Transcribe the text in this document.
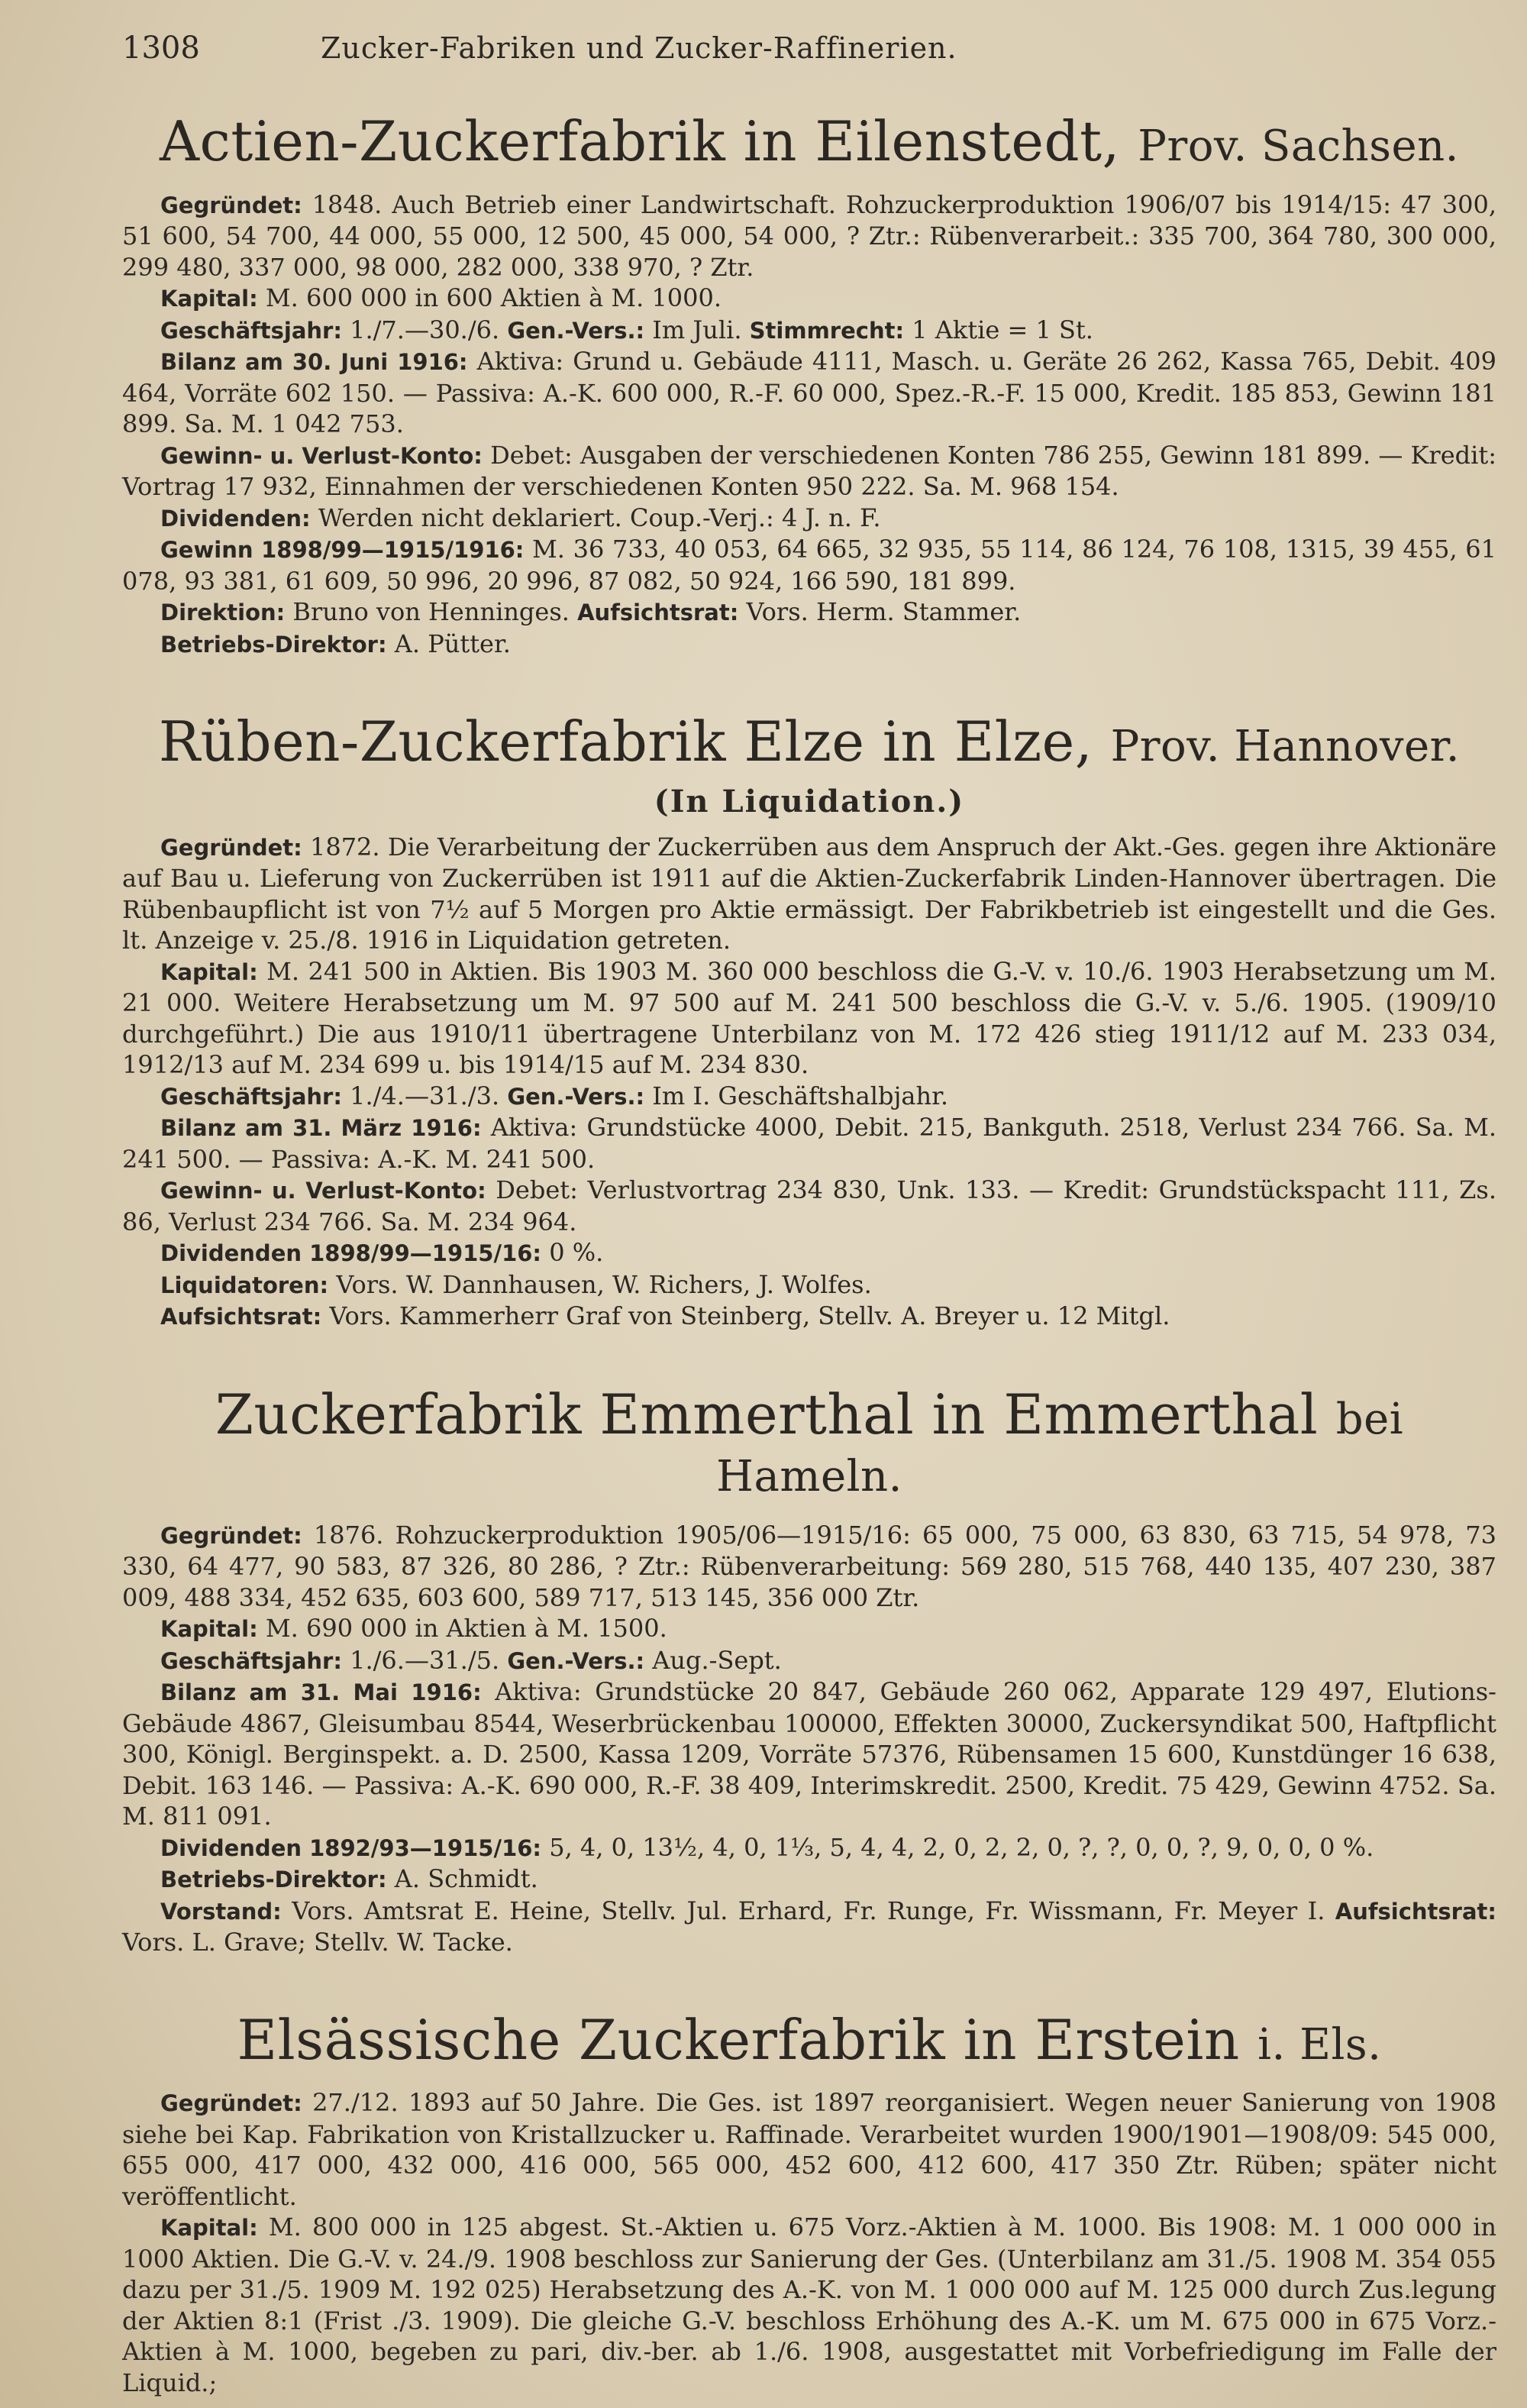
1308	Zucker-Fabriken und Zucker-Raffinerien.
Actien-Zuckerfabrik in Eilenstedt, Prov. Sachsen.

Gegründet: 1848. Auch Betrieb einer Landwirtschaft. Rohzuckerproduktion 1906/07 bis 1914/15: 47 300, 51 600, 54 700, 44 000, 55 000, 12 500, 45 000, 54 000, ? Ztr.: Rübenverarbeit.: 335 700, 364 780, 300 000, 299 480, 337 000, 98 000, 282 000, 338 970, ? Ztr.

Kapital: M. 600 000 in 600 Aktien à M. 1000.

Geschäftsjahr: 1./7.—30./6. Gen.-Vers.: Im Juli. Stimmrecht: 1 Aktie = 1 St.

Bilanz am 30. Juni 1916: Aktiva: Grund u. Gebäude 4111, Masch. u. Geräte 26 262, Kassa 765, Debit. 409 464, Vorräte 602 150. — Passiva: A.-K. 600 000, R.-F. 60 000, Spez.-R.-F. 15 000, Kredit. 185 853, Gewinn 181 899. Sa. M. 1 042 753.

Gewinn- u. Verlust-Konto: Debet: Ausgaben der verschiedenen Konten 786 255, Gewinn 181 899. — Kredit: Vortrag 17 932, Einnahmen der verschiedenen Konten 950 222. Sa. M. 968 154.

Dividenden: Werden nicht deklariert. Coup.-Verj.: 4 J. n. F.

Gewinn 1898/99—1915/1916: M. 36 733, 40 053, 64 665, 32 935, 55 114, 86 124, 76 108, 1315, 39 455, 61 078, 93 381, 61 609, 50 996, 20 996, 87 082, 50 924, 166 590, 181 899.

Direktion: Bruno von Henninges. Aufsichtsrat: Vors. Herm. Stammer.

Betriebs-Direktor: A. Pütter.

Rüben-Zuckerfabrik Elze in Elze, Prov. Hannover.
(In Liquidation.)

Gegründet: 1872. Die Verarbeitung der Zuckerrüben aus dem Anspruch der Akt.-Ges. gegen ihre Aktionäre auf Bau u. Lieferung von Zuckerrüben ist 1911 auf die Aktien-Zuckerfabrik Linden-Hannover übertragen. Die Rübenbaupflicht ist von 7½ auf 5 Morgen pro Aktie ermässigt. Der Fabrikbetrieb ist eingestellt und die Ges. lt. Anzeige v. 25./8. 1916 in Liquidation getreten.

Kapital: M. 241 500 in Aktien. Bis 1903 M. 360 000 beschloss die G.-V. v. 10./6. 1903 Herabsetzung um M. 21 000. Weitere Herabsetzung um M. 97 500 auf M. 241 500 beschloss die G.-V. v. 5./6. 1905. (1909/10 durchgeführt.) Die aus 1910/11 übertragene Unterbilanz von M. 172 426 stieg 1911/12 auf M. 233 034, 1912/13 auf M. 234 699 u. bis 1914/15 auf M. 234 830.

Geschäftsjahr: 1./4.—31./3. Gen.-Vers.: Im I. Geschäftshalbjahr.

Bilanz am 31. März 1916: Aktiva: Grundstücke 4000, Debit. 215, Bankguth. 2518, Verlust 234 766. Sa. M. 241 500. — Passiva: A.-K. M. 241 500.

Gewinn- u. Verlust-Konto: Debet: Verlustvortrag 234 830, Unk. 133. — Kredit: Grundstückspacht 111, Zs. 86, Verlust 234 766. Sa. M. 234 964.

Dividenden 1898/99—1915/16: 0 %.

Liquidatoren: Vors. W. Dannhausen, W. Richers, J. Wolfes.

Aufsichtsrat: Vors. Kammerherr Graf von Steinberg, Stellv. A. Breyer u. 12 Mitgl.

Zuckerfabrik Emmerthal in Emmerthal bei Hameln.

Gegründet: 1876. Rohzuckerproduktion 1905/06—1915/16: 65 000, 75 000, 63 830, 63 715, 54 978, 73 330, 64 477, 90 583, 87 326, 80 286, ? Ztr.: Rübenverarbeitung: 569 280, 515 768, 440 135, 407 230, 387 009, 488 334, 452 635, 603 600, 589 717, 513 145, 356 000 Ztr.

Kapital: M. 690 000 in Aktien à M. 1500.

Geschäftsjahr: 1./6.—31./5. Gen.-Vers.: Aug.-Sept.

Bilanz am 31. Mai 1916: Aktiva: Grundstücke 20 847, Gebäude 260 062, Apparate 129 497, Elutions-Gebäude 4867, Gleisumbau 8544, Weserbrückenbau 100000, Effekten 30000, Zuckersyndikat 500, Haftpflicht 300, Königl. Berginspekt. a. D. 2500, Kassa 1209, Vorräte 57376, Rübensamen 15 600, Kunstdünger 16 638, Debit. 163 146. — Passiva: A.-K. 690 000, R.-F. 38 409, Interimskredit. 2500, Kredit. 75 429, Gewinn 4752. Sa. M. 811 091.

Dividenden 1892/93—1915/16: 5, 4, 0, 13½, 4, 0, 1⅓, 5, 4, 4, 2, 0, 2, 2, 0, ?, ?, 0, 0, ?, 9, 0, 0, 0 %.

Betriebs-Direktor: A. Schmidt.

Vorstand: Vors. Amtsrat E. Heine, Stellv. Jul. Erhard, Fr. Runge, Fr. Wissmann, Fr. Meyer I. Aufsichtsrat: Vors. L. Grave; Stellv. W. Tacke.

Elsässische Zuckerfabrik in Erstein i. Els.

Gegründet: 27./12. 1893 auf 50 Jahre. Die Ges. ist 1897 reorganisiert. Wegen neuer Sanierung von 1908 siehe bei Kap. Fabrikation von Kristallzucker u. Raffinade. Verarbeitet wurden 1900/1901—1908/09: 545 000, 655 000, 417 000, 432 000, 416 000, 565 000, 452 600, 412 600, 417 350 Ztr. Rüben; später nicht veröffentlicht.

Kapital: M. 800 000 in 125 abgest. St.-Aktien u. 675 Vorz.-Aktien à M. 1000. Bis 1908: M. 1 000 000 in 1000 Aktien. Die G.-V. v. 24./9. 1908 beschloss zur Sanierung der Ges. (Unterbilanz am 31./5. 1908 M. 354 055 dazu per 31./5. 1909 M. 192 025) Herabsetzung des A.-K. von M. 1 000 000 auf M. 125 000 durch Zus.legung der Aktien 8:1 (Frist ./3. 1909). Die gleiche G.-V. beschloss Erhöhung des A.-K. um M. 675 000 in 675 Vorz.-Aktien à M. 1000, begeben zu pari, div.-ber. ab 1./6. 1908, ausgestattet mit Vorbefriedigung im Falle der Liquid.;
